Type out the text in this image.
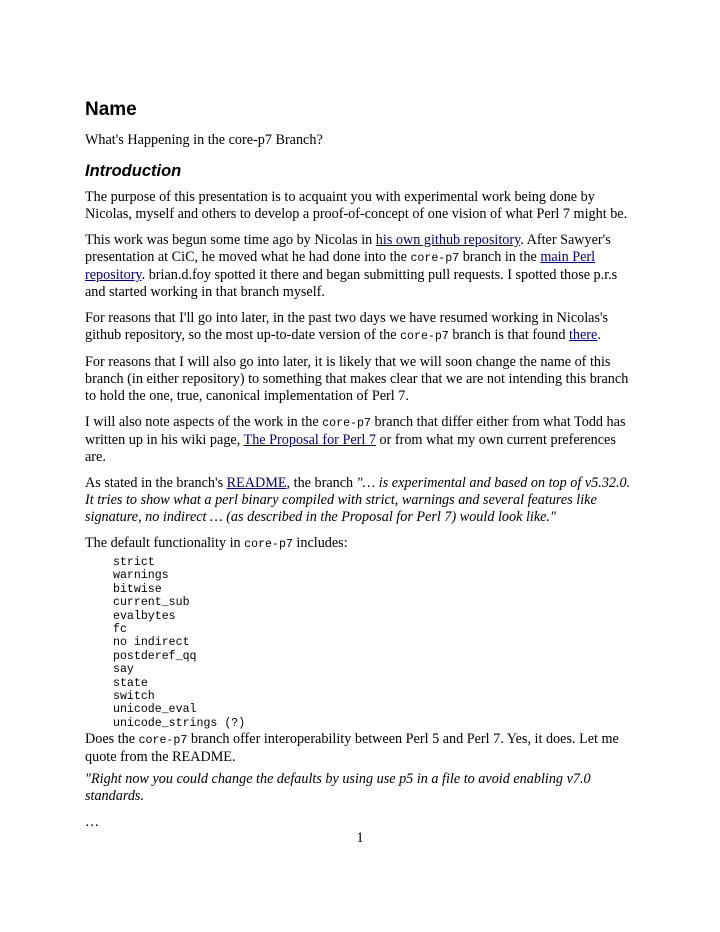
Name

What's Happening in the core-p7 Branch?

Introduction

The purpose of this presentation is to acquaint you with experimental work being done by Nicolas, myself and others to develop a proof-of-concept of one vision of what Perl 7 might be.

This work was begun some time ago by Nicolas in his own github repository. After Sawyer's presentation at CiC, he moved what he had done into the core-p7 branch in the main Perl repository. brian.d.foy spotted it there and began submitting pull requests. I spotted those p.r.s and started working in that branch myself.

For reasons that I'll go into later, in the past two days we have resumed working in Nicolas's github repository, so the most up-to-date version of the core-p7 branch is that found there.

For reasons that I will also go into later, it is likely that we will soon change the name of this branch (in either repository) to something that makes clear that we are not intending this branch to hold the one, true, canonical implementation of Perl 7.

I will also note aspects of the work in the core-p7 branch that differ either from what Todd has written up in his wiki page, The Proposal for Perl 7 or from what my own current preferences are.

As stated in the branch's README, the branch "… is experimental and based on top of v5.32.0. It tries to show what a perl binary compiled with strict, warnings and several features like signature, no indirect … (as described in the Proposal for Perl 7) would look like."

The default functionality in core-p7 includes:

strict
warnings
bitwise
current_sub
evalbytes
fc
no indirect
postderef_qq
say
state
switch
unicode_eval
unicode_strings (?)

Does the core-p7 branch offer interoperability between Perl 5 and Perl 7. Yes, it does. Let me quote from the README.

"Right now you could change the defaults by using use p5 in a file to avoid enabling v7.0 standards.

…

1
